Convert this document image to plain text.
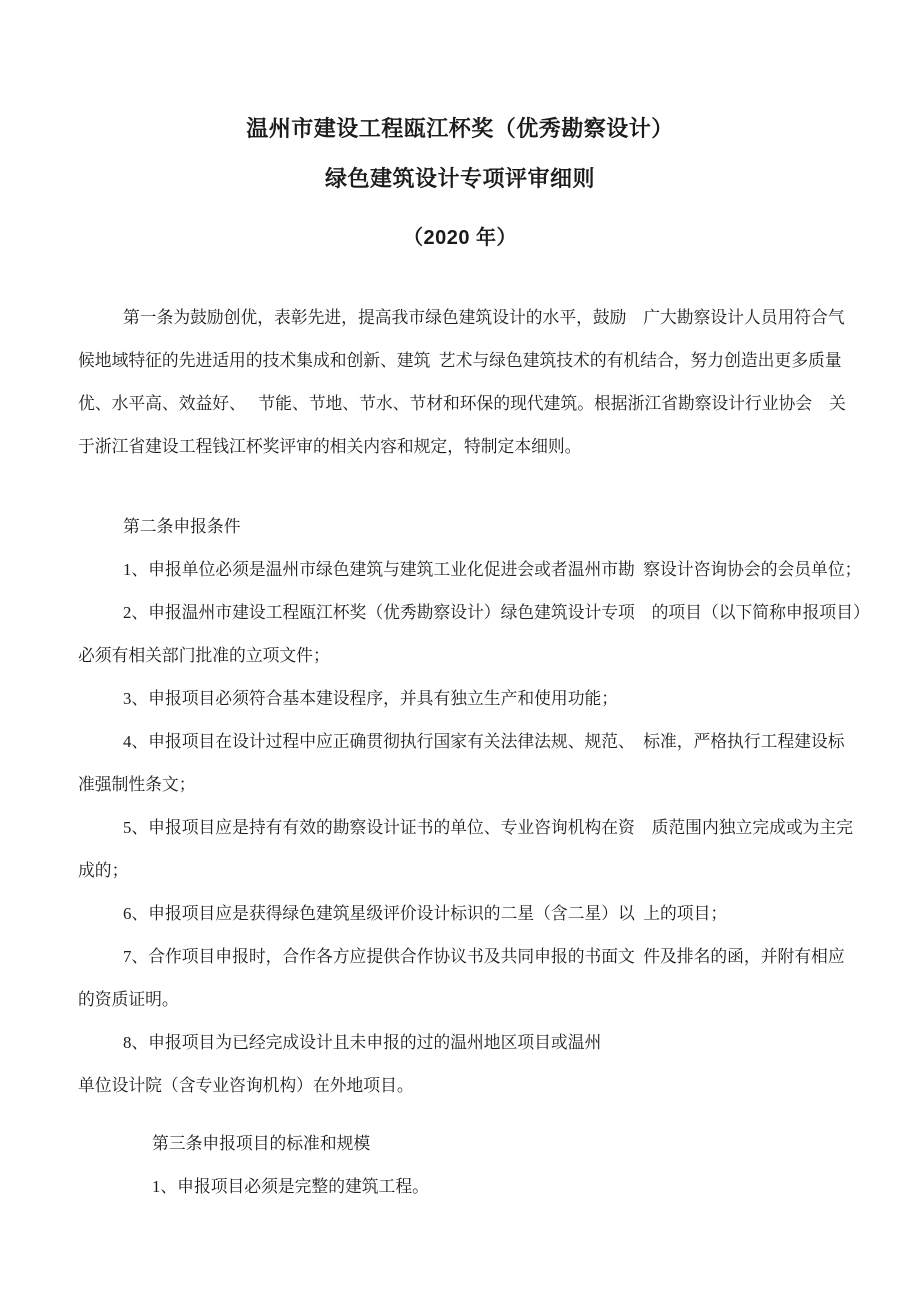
温州市建设工程瓯江杯奖（优秀勘察设计）
绿色建筑设计专项评审细则
（2020 年）
第一条为鼓励创优，表彰先进，提高我市绿色建筑设计的水平，鼓励　广大勘察设计人员用符合气
候地域特征的先进适用的技术集成和创新、建筑 艺术与绿色建筑技术的有机结合，努力创造出更多质量
优、水平高、效益好、　 节能、节地、节水、节材和环保的现代建筑。根据浙江省勘察设计行业协会　关
于浙江省建设工程钱江杯奖评审的相关内容和规定，特制定本细则。
第二条申报条件
1、申报单位必须是温州市绿色建筑与建筑工业化促进会或者温州市勘 察设计咨询协会的会员单位；
2、申报温州市建设工程瓯江杯奖（优秀勘察设计）绿色建筑设计专项　的项目（以下简称申报项目）
必须有相关部门批准的立项文件；
3、申报项目必须符合基本建设程序，并具有独立生产和使用功能；
4、申报项目在设计过程中应正确贯彻执行国家有关法律法规、规范、　标准，严格执行工程建设标
准强制性条文；
5、申报项目应是持有有效的勘察设计证书的单位、专业咨询机构在资　质范围内独立完成或为主完
成的；
6、申报项目应是获得绿色建筑星级评价设计标识的二星（含二星）以 上的项目；
7、合作项目申报时，合作各方应提供合作协议书及共同申报的书面文 件及排名的函，并附有相应
的资质证明。
8、申报项目为已经完成设计且未申报的过的温州地区项目或温州
单位设计院（含专业咨询机构）在外地项目。
第三条申报项目的标准和规模
1、申报项目必须是完整的建筑工程。
